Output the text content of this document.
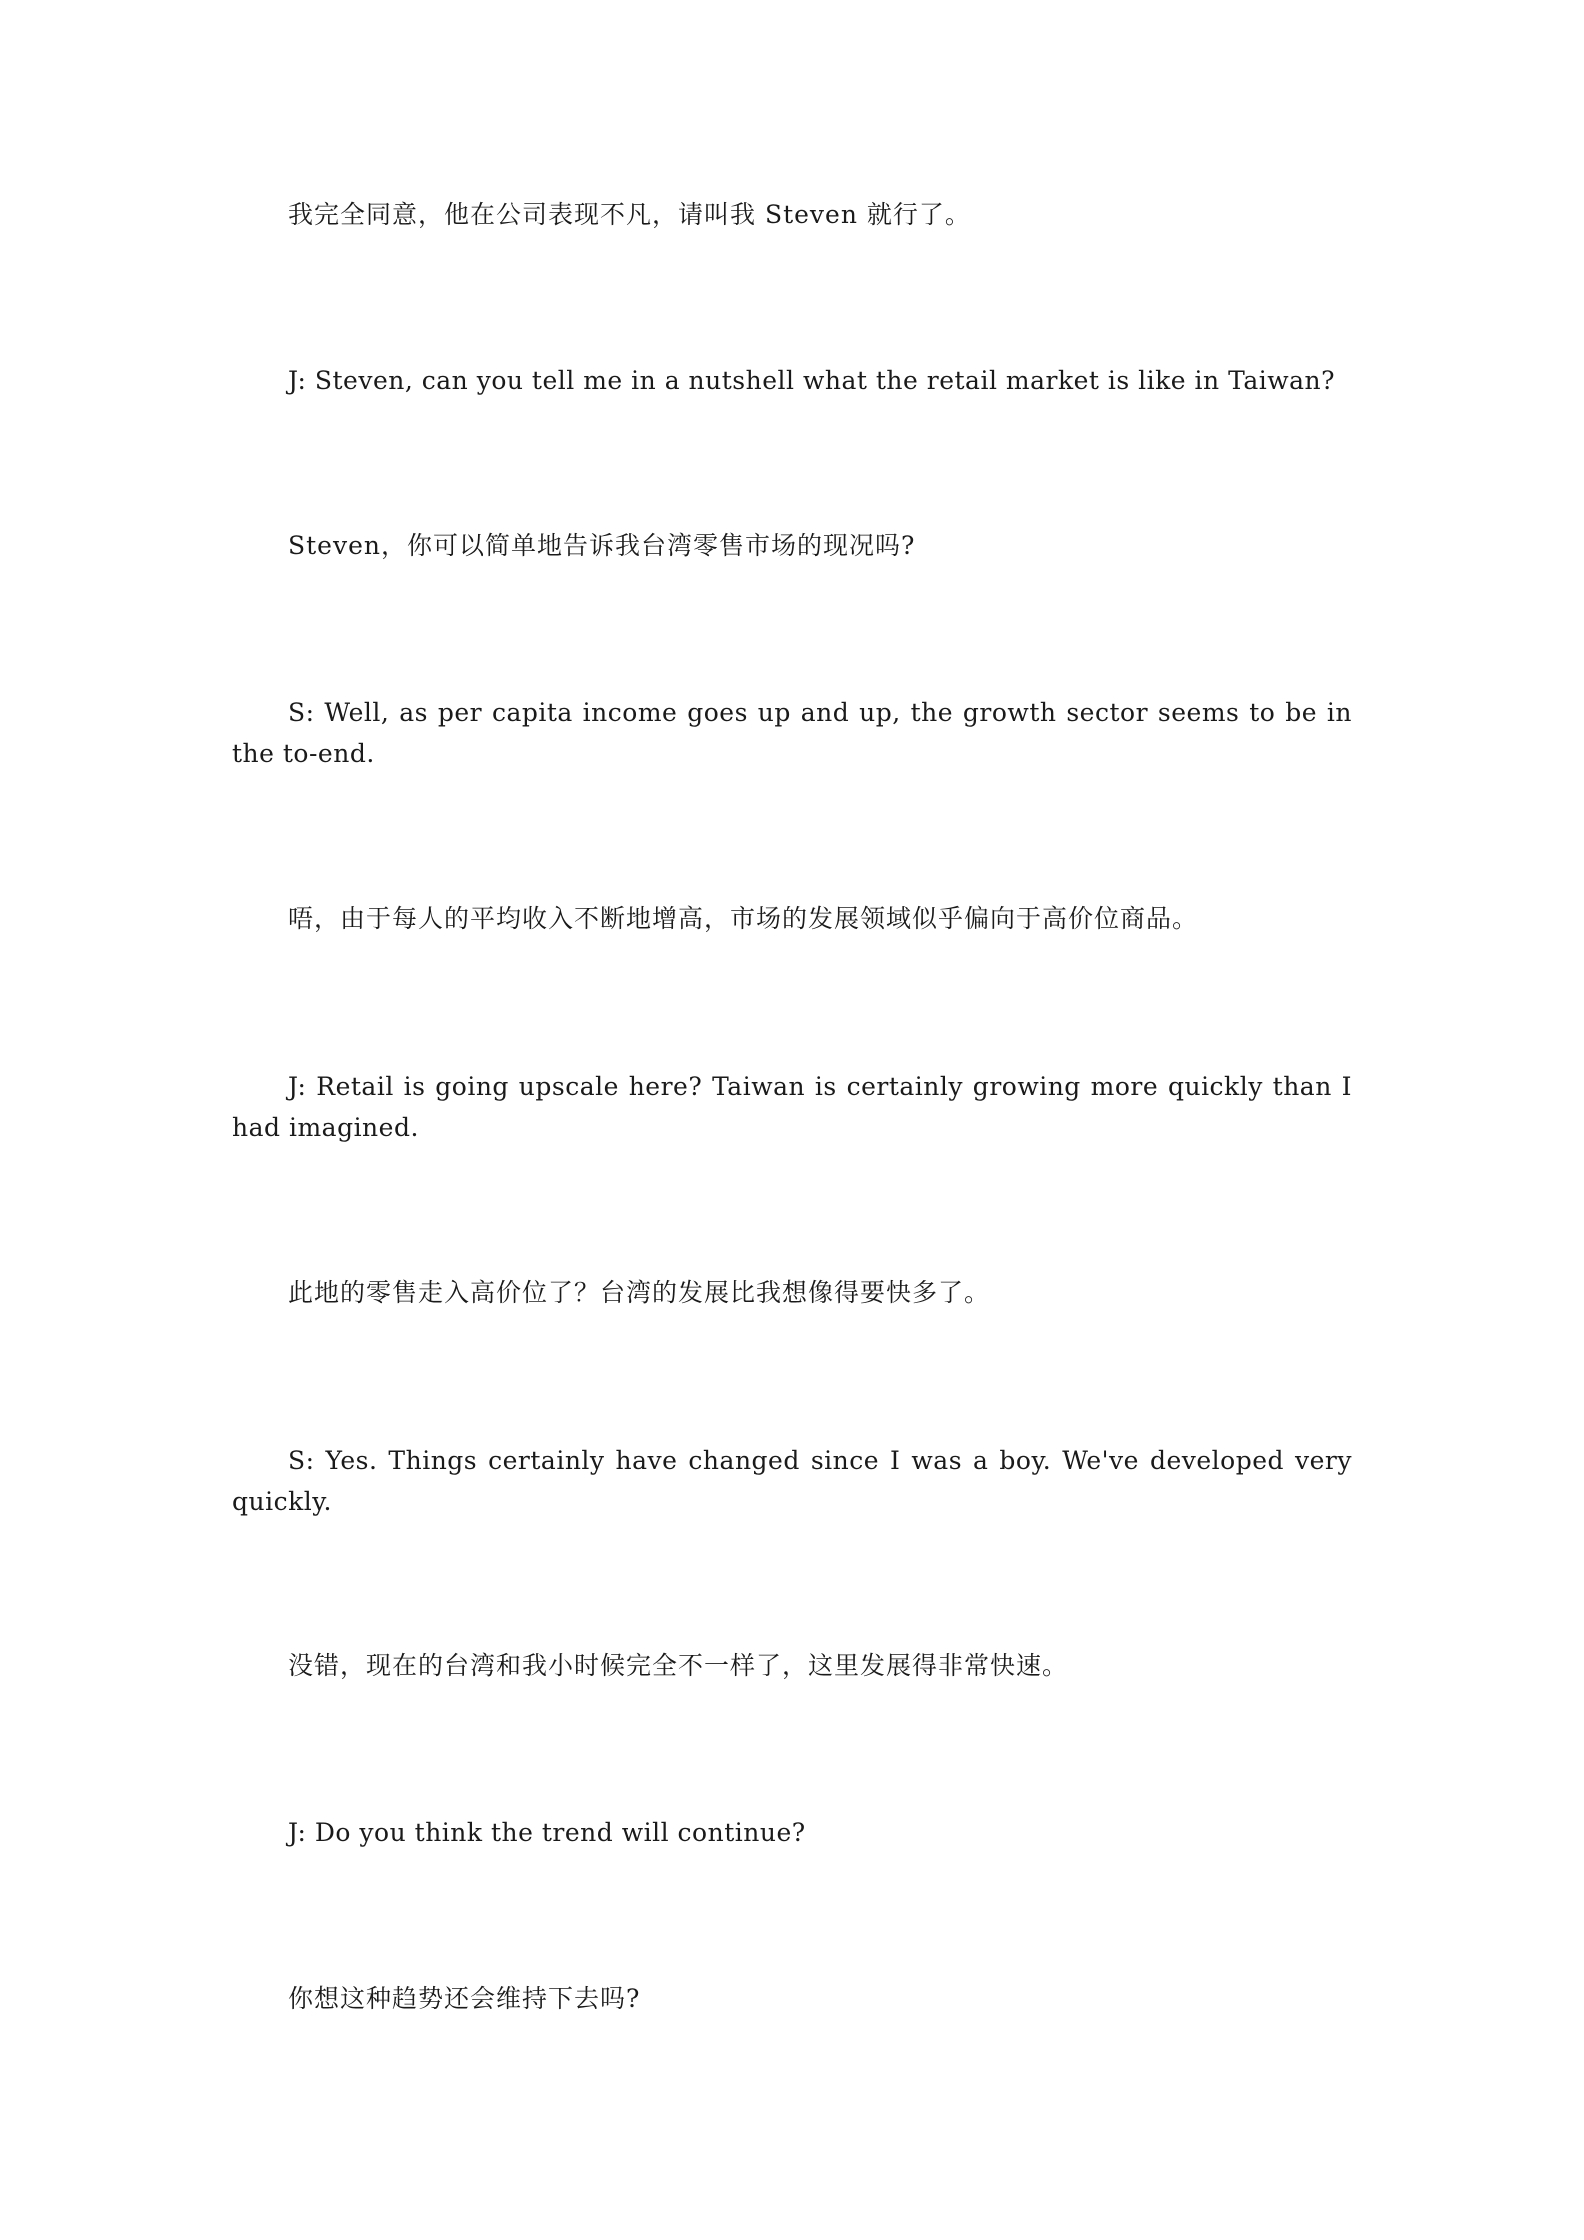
我完全同意，他在公司表现不凡，请叫我 Steven 就行了。

J: Steven, can you tell me in a nutshell what the retail market is like in Taiwan?

Steven，你可以简单地告诉我台湾零售市场的现况吗?

S: Well, as per capita income goes up and up, the growth sector seems to be in the to-end.

唔，由于每人的平均收入不断地增高，市场的发展领域似乎偏向于高价位商品。

J: Retail is going upscale here? Taiwan is certainly growing more quickly than I had imagined.

此地的零售走入高价位了？台湾的发展比我想像得要快多了。

S: Yes. Things certainly have changed since I was a boy. We've developed very quickly.

没错，现在的台湾和我小时候完全不一样了，这里发展得非常快速。

J: Do you think the trend will continue?

你想这种趋势还会维持下去吗?
